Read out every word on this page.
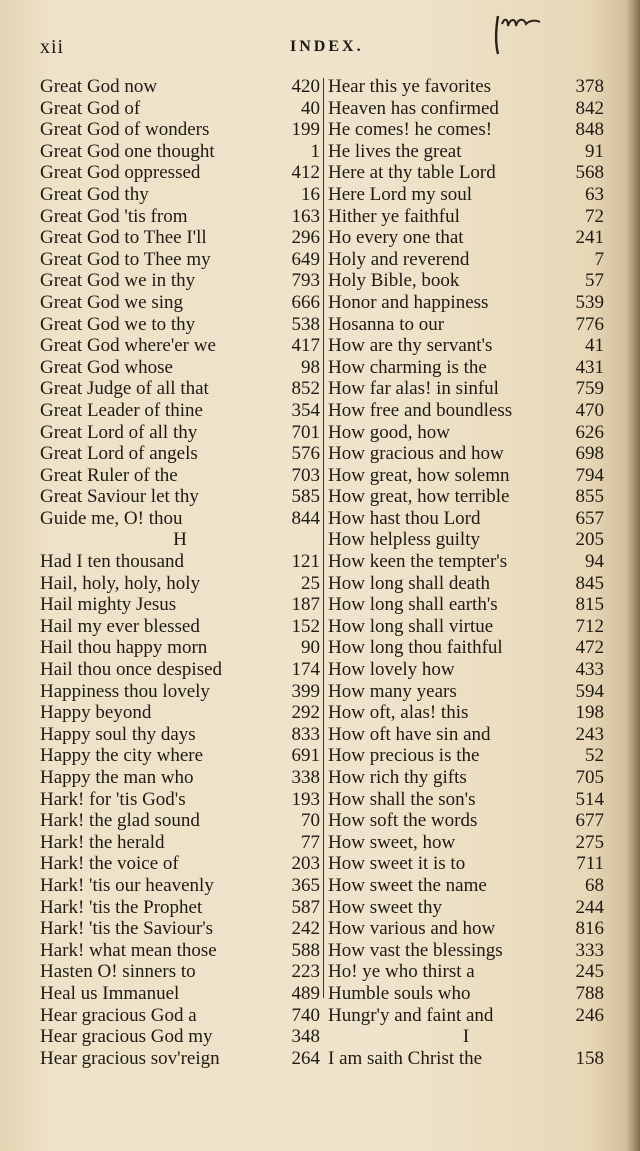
xii	INDEX.
Great God now	420
Great God of	40
Great God of wonders	199
Great God one thought	1
Great God oppressed	412
Great God thy	16
Great God 'tis from	163
Great God to Thee I'll	296
Great God to Thee my	649
Great God we in thy	793
Great God we sing	666
Great God we to thy	538
Great God where'er we	417
Great God whose	98
Great Judge of all that	852
Great Leader of thine	354
Great Lord of all thy	701
Great Lord of angels	576
Great Ruler of the	703
Great Saviour let thy	585
Guide me, O! thou	844
H
Had I ten thousand	121
Hail, holy, holy, holy	25
Hail mighty Jesus	187
Hail my ever blessed	152
Hail thou happy morn	90
Hail thou once despised	174
Happiness thou lovely	399
Happy beyond	292
Happy soul thy days	833
Happy the city where	691
Happy the man who	338
Hark! for 'tis God's	193
Hark! the glad sound	70
Hark! the herald	77
Hark! the voice of	203
Hark! 'tis our heavenly	365
Hark! 'tis the Prophet	587
Hark! 'tis the Saviour's	242
Hark! what mean those	588
Hasten O! sinners to	223
Heal us Immanuel	489
Hear gracious God a	740
Hear gracious God my	348
Hear gracious sov'reign	264
Hear this ye favorites	378
Heaven has confirmed	842
He comes! he comes!	848
He lives the great	91
Here at thy table Lord	568
Here Lord my soul	63
Hither ye faithful	72
Ho every one that	241
Holy and reverend	7
Holy Bible, book	57
Honor and happiness	539
Hosanna to our	776
How are thy servant's	41
How charming is the	431
How far alas! in sinful	759
How free and boundless	470
How good, how	626
How gracious and how	698
How great, how solemn	794
How great, how terrible	855
How hast thou Lord	657
How helpless guilty	205
How keen the tempter's	94
How long shall death	845
How long shall earth's	815
How long shall virtue	712
How long thou faithful	472
How lovely how	433
How many years	594
How oft, alas! this	198
How oft have sin and	243
How precious is the	52
How rich thy gifts	705
How shall the son's	514
How soft the words	677
How sweet, how	275
How sweet it is to	711
How sweet the name	68
How sweet thy	244
How various and how	816
How vast the blessings	333
Ho! ye who thirst a	245
Humble souls who	788
Hungr'y and faint and	246
I
I am saith Christ the	158
